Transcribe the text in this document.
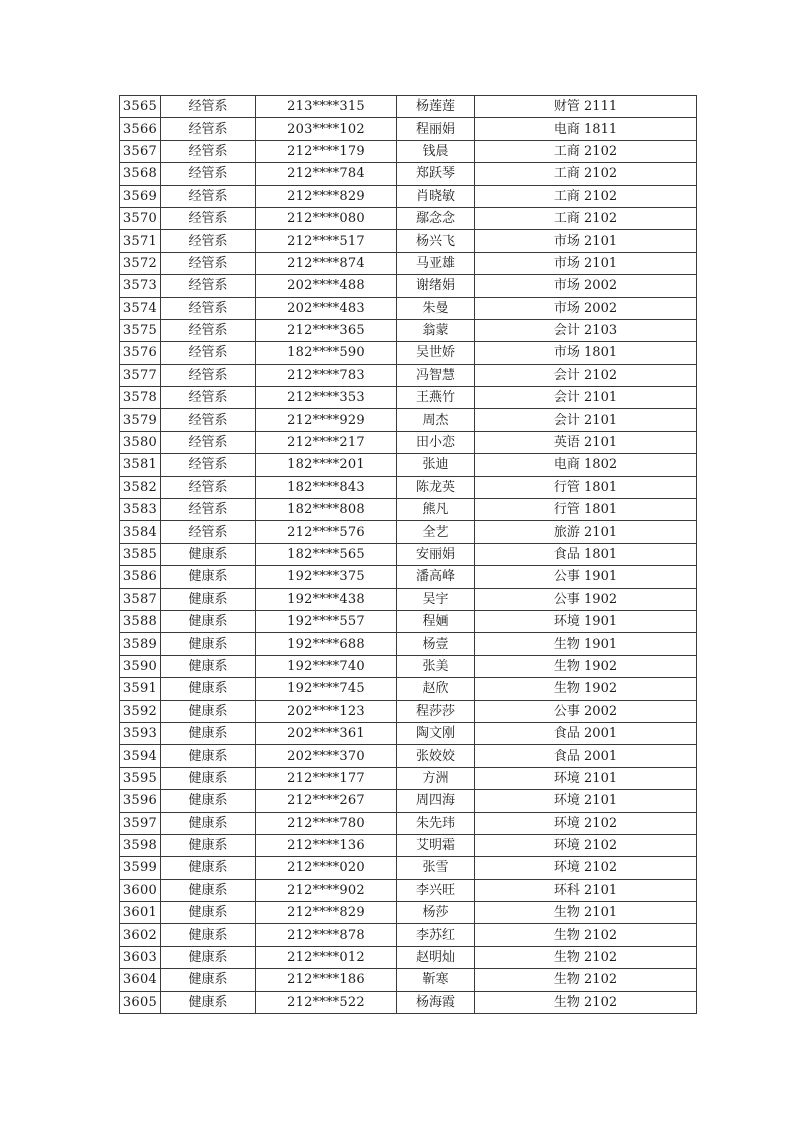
3565	经管系	213****315	杨莲莲	财管 2111
3566	经管系	203****102	程丽娟	电商 1811
3567	经管系	212****179	钱晨	工商 2102
3568	经管系	212****784	郑跃琴	工商 2102
3569	经管系	212****829	肖晓敏	工商 2102
3570	经管系	212****080	鄢念念	工商 2102
3571	经管系	212****517	杨兴飞	市场 2101
3572	经管系	212****874	马亚雄	市场 2101
3573	经管系	202****488	谢绪娟	市场 2002
3574	经管系	202****483	朱曼	市场 2002
3575	经管系	212****365	翁蒙	会计 2103
3576	经管系	182****590	吴世娇	市场 1801
3577	经管系	212****783	冯智慧	会计 2102
3578	经管系	212****353	王燕竹	会计 2101
3579	经管系	212****929	周杰	会计 2101
3580	经管系	212****217	田小恋	英语 2101
3581	经管系	182****201	张迪	电商 1802
3582	经管系	182****843	陈龙英	行管 1801
3583	经管系	182****808	熊凡	行管 1801
3584	经管系	212****576	全艺	旅游 2101
3585	健康系	182****565	安丽娟	食品 1801
3586	健康系	192****375	潘高峰	公事 1901
3587	健康系	192****438	吴宇	公事 1902
3588	健康系	192****557	程婳	环境 1901
3589	健康系	192****688	杨壹	生物 1901
3590	健康系	192****740	张美	生物 1902
3591	健康系	192****745	赵欣	生物 1902
3592	健康系	202****123	程莎莎	公事 2002
3593	健康系	202****361	陶文刚	食品 2001
3594	健康系	202****370	张姣姣	食品 2001
3595	健康系	212****177	方洲	环境 2101
3596	健康系	212****267	周四海	环境 2101
3597	健康系	212****780	朱先玮	环境 2102
3598	健康系	212****136	艾明霜	环境 2102
3599	健康系	212****020	张雪	环境 2102
3600	健康系	212****902	李兴旺	环科 2101
3601	健康系	212****829	杨莎	生物 2101
3602	健康系	212****878	李苏红	生物 2102
3603	健康系	212****012	赵明灿	生物 2102
3604	健康系	212****186	靳寒	生物 2102
3605	健康系	212****522	杨海霞	生物 2102
